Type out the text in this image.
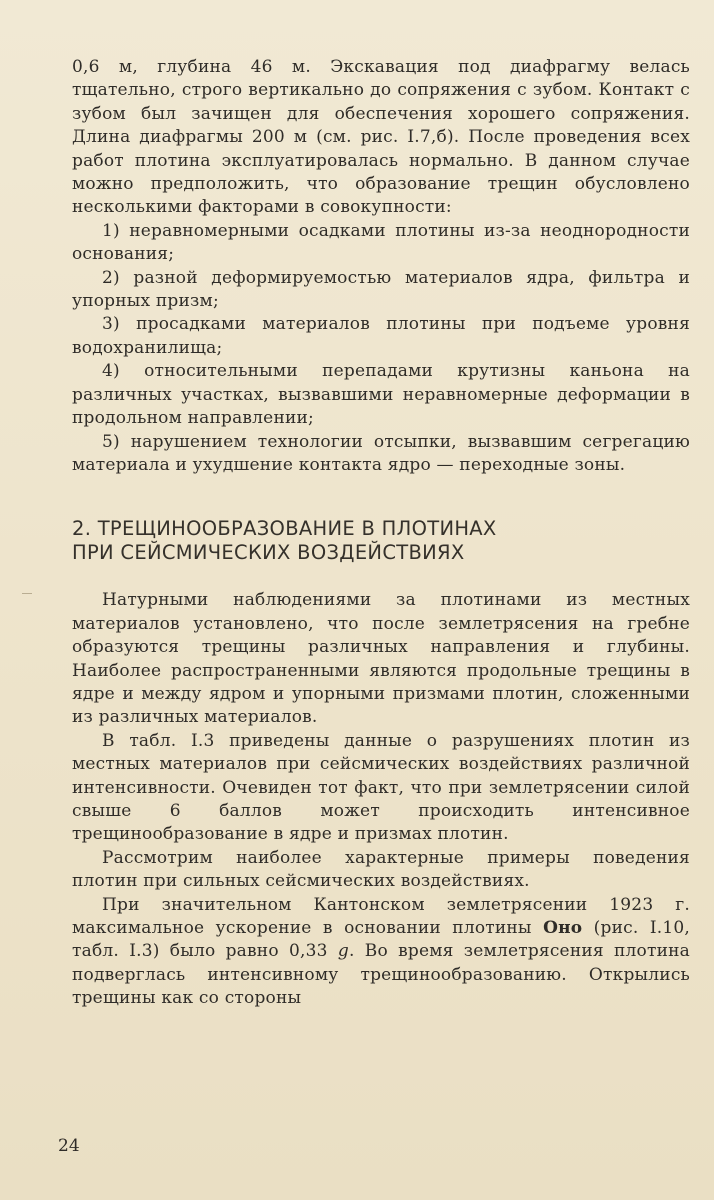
0,6 м, глубина 46 м. Экскавация под диафрагму велась тщательно, строго вертикально до сопряжения с зубом. Контакт с зубом был зачищен для обеспечения хорошего сопряжения. Длина диафрагмы 200 м (см. рис. I.7,б). После проведения всех работ плотина эксплуатировалась нормально. В данном случае можно предположить, что образование трещин обусловлено несколькими факторами в совокупности:

1) неравномерными осадками плотины из-за неоднородности основания;

2) разной деформируемостью материалов ядра, фильтра и упорных призм;

3) просадками материалов плотины при подъеме уровня водохранилища;

4) относительными перепадами крутизны каньона на различных участках, вызвавшими неравномерные деформации в продольном направлении;

5) нарушением технологии отсыпки, вызвавшим сегрегацию материала и ухудшение контакта ядро — переходные зоны.

2. ТРЕЩИНООБРАЗОВАНИЕ В ПЛОТИНАХ
ПРИ СЕЙСМИЧЕСКИХ ВОЗДЕЙСТВИЯХ

Натурными наблюдениями за плотинами из местных материалов установлено, что после землетрясения на гребне образуются трещины различных направления и глубины. Наиболее распространенными являются продольные трещины в ядре и между ядром и упорными призмами плотин, сложенными из различных материалов.

В табл. I.3 приведены данные о разрушениях плотин из местных материалов при сейсмических воздействиях различной интенсивности. Очевиден тот факт, что при землетрясении силой свыше 6 баллов может происходить интенсивное трещинообразование в ядре и призмах плотин.

Рассмотрим наиболее характерные примеры поведения плотин при сильных сейсмических воздействиях.

При значительном Кантонском землетрясении 1923 г. максимальное ускорение в основании плотины Оно (рис. I.10, табл. I.3) было равно 0,33 g. Во время землетрясения плотина подверглась интенсивному трещинообразованию. Открылись трещины как со стороны

24
